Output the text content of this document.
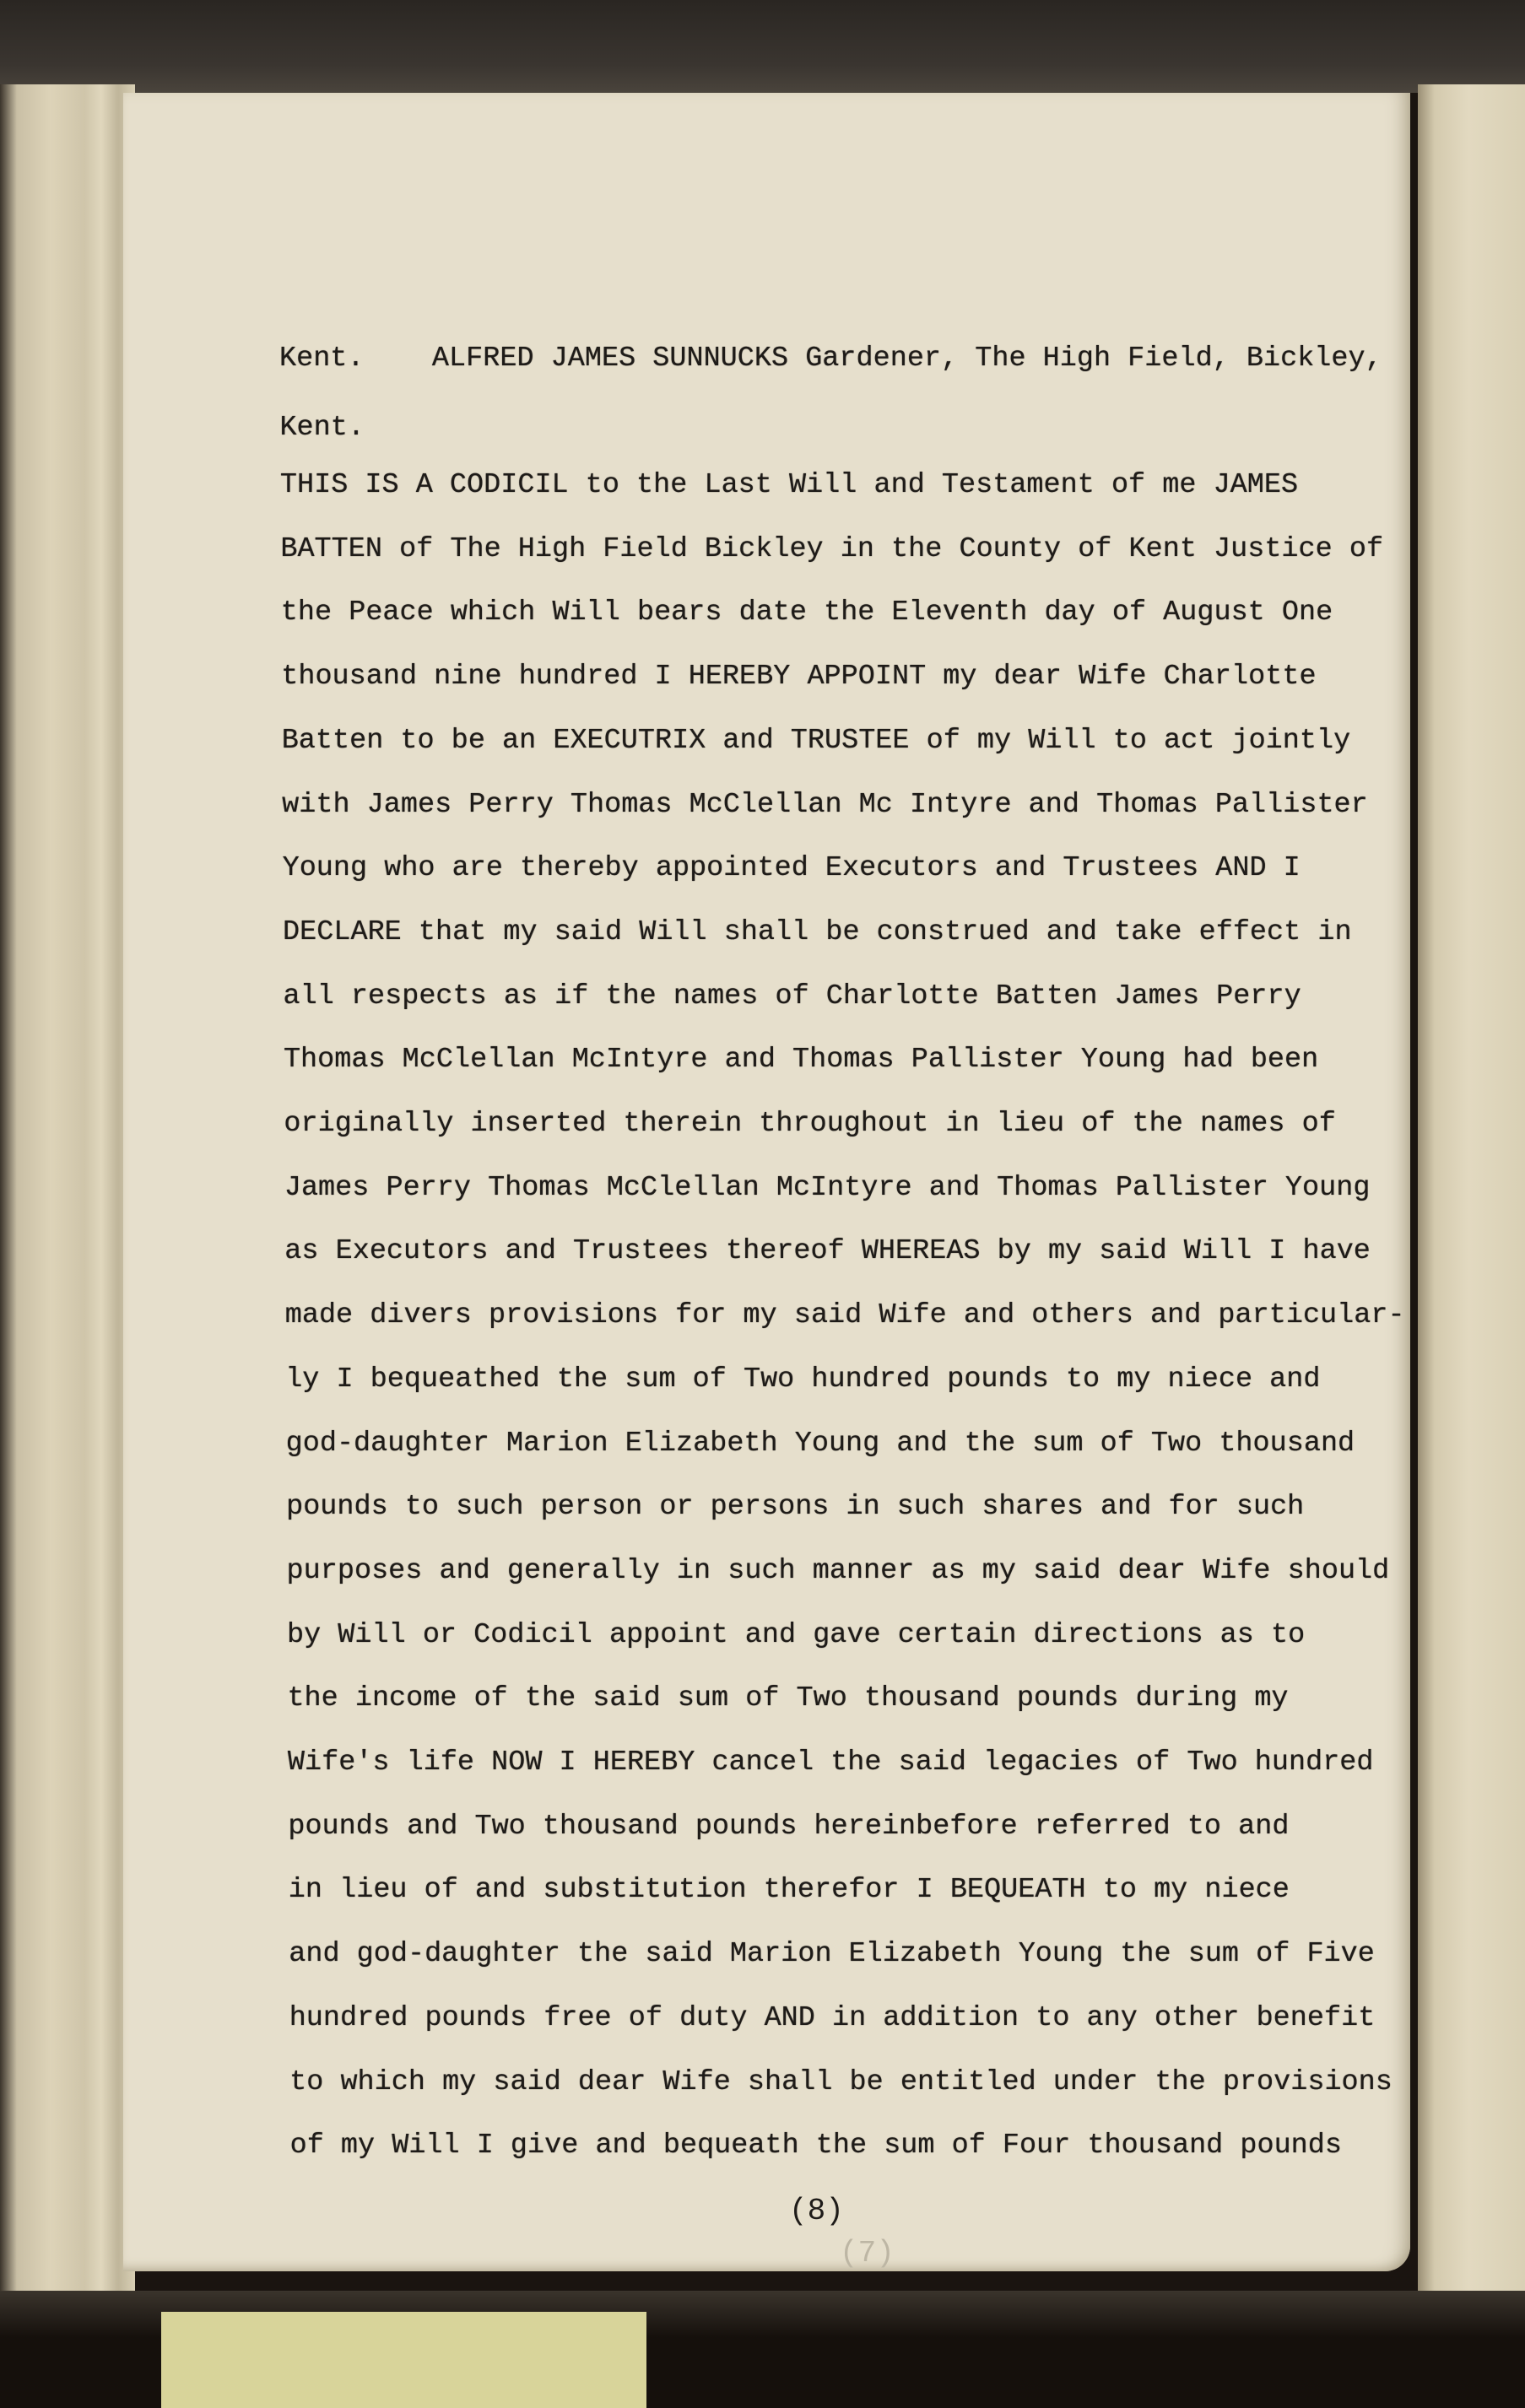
Kent.    ALFRED JAMES SUNNUCKS Gardener, The High Field, Bickley,
Kent.
THIS IS A CODICIL to the Last Will and Testament of me JAMES
BATTEN of The High Field Bickley in the County of Kent Justice of
the Peace which Will bears date the Eleventh day of August One
thousand nine hundred I HEREBY APPOINT my dear Wife Charlotte
Batten to be an EXECUTRIX and TRUSTEE of my Will to act jointly
with James Perry Thomas McClellan Mc Intyre and Thomas Pallister
Young who are thereby appointed Executors and Trustees AND I
DECLARE that my said Will shall be construed and take effect in
all respects as if the names of Charlotte Batten James Perry
Thomas McClellan McIntyre and Thomas Pallister Young had been
originally inserted therein throughout in lieu of the names of
James Perry Thomas McClellan McIntyre and Thomas Pallister Young
as Executors and Trustees thereof WHEREAS by my said Will I have
made divers provisions for my said Wife and others and particular-
ly I bequeathed the sum of Two hundred pounds to my niece and
god-daughter Marion Elizabeth Young and the sum of Two thousand
pounds to such person or persons in such shares and for such
purposes and generally in such manner as my said dear Wife should
by Will or Codicil appoint and gave certain directions as to
the income of the said sum of Two thousand pounds during my
Wife's life NOW I HEREBY cancel the said legacies of Two hundred
pounds and Two thousand pounds hereinbefore referred to and
in lieu of and substitution therefor I BEQUEATH to my niece
and god-daughter the said Marion Elizabeth Young the sum of Five
hundred pounds free of duty AND in addition to any other benefit
to which my said dear Wife shall be entitled under the provisions
of my Will I give and bequeath the sum of Four thousand pounds
(8)
(7)
